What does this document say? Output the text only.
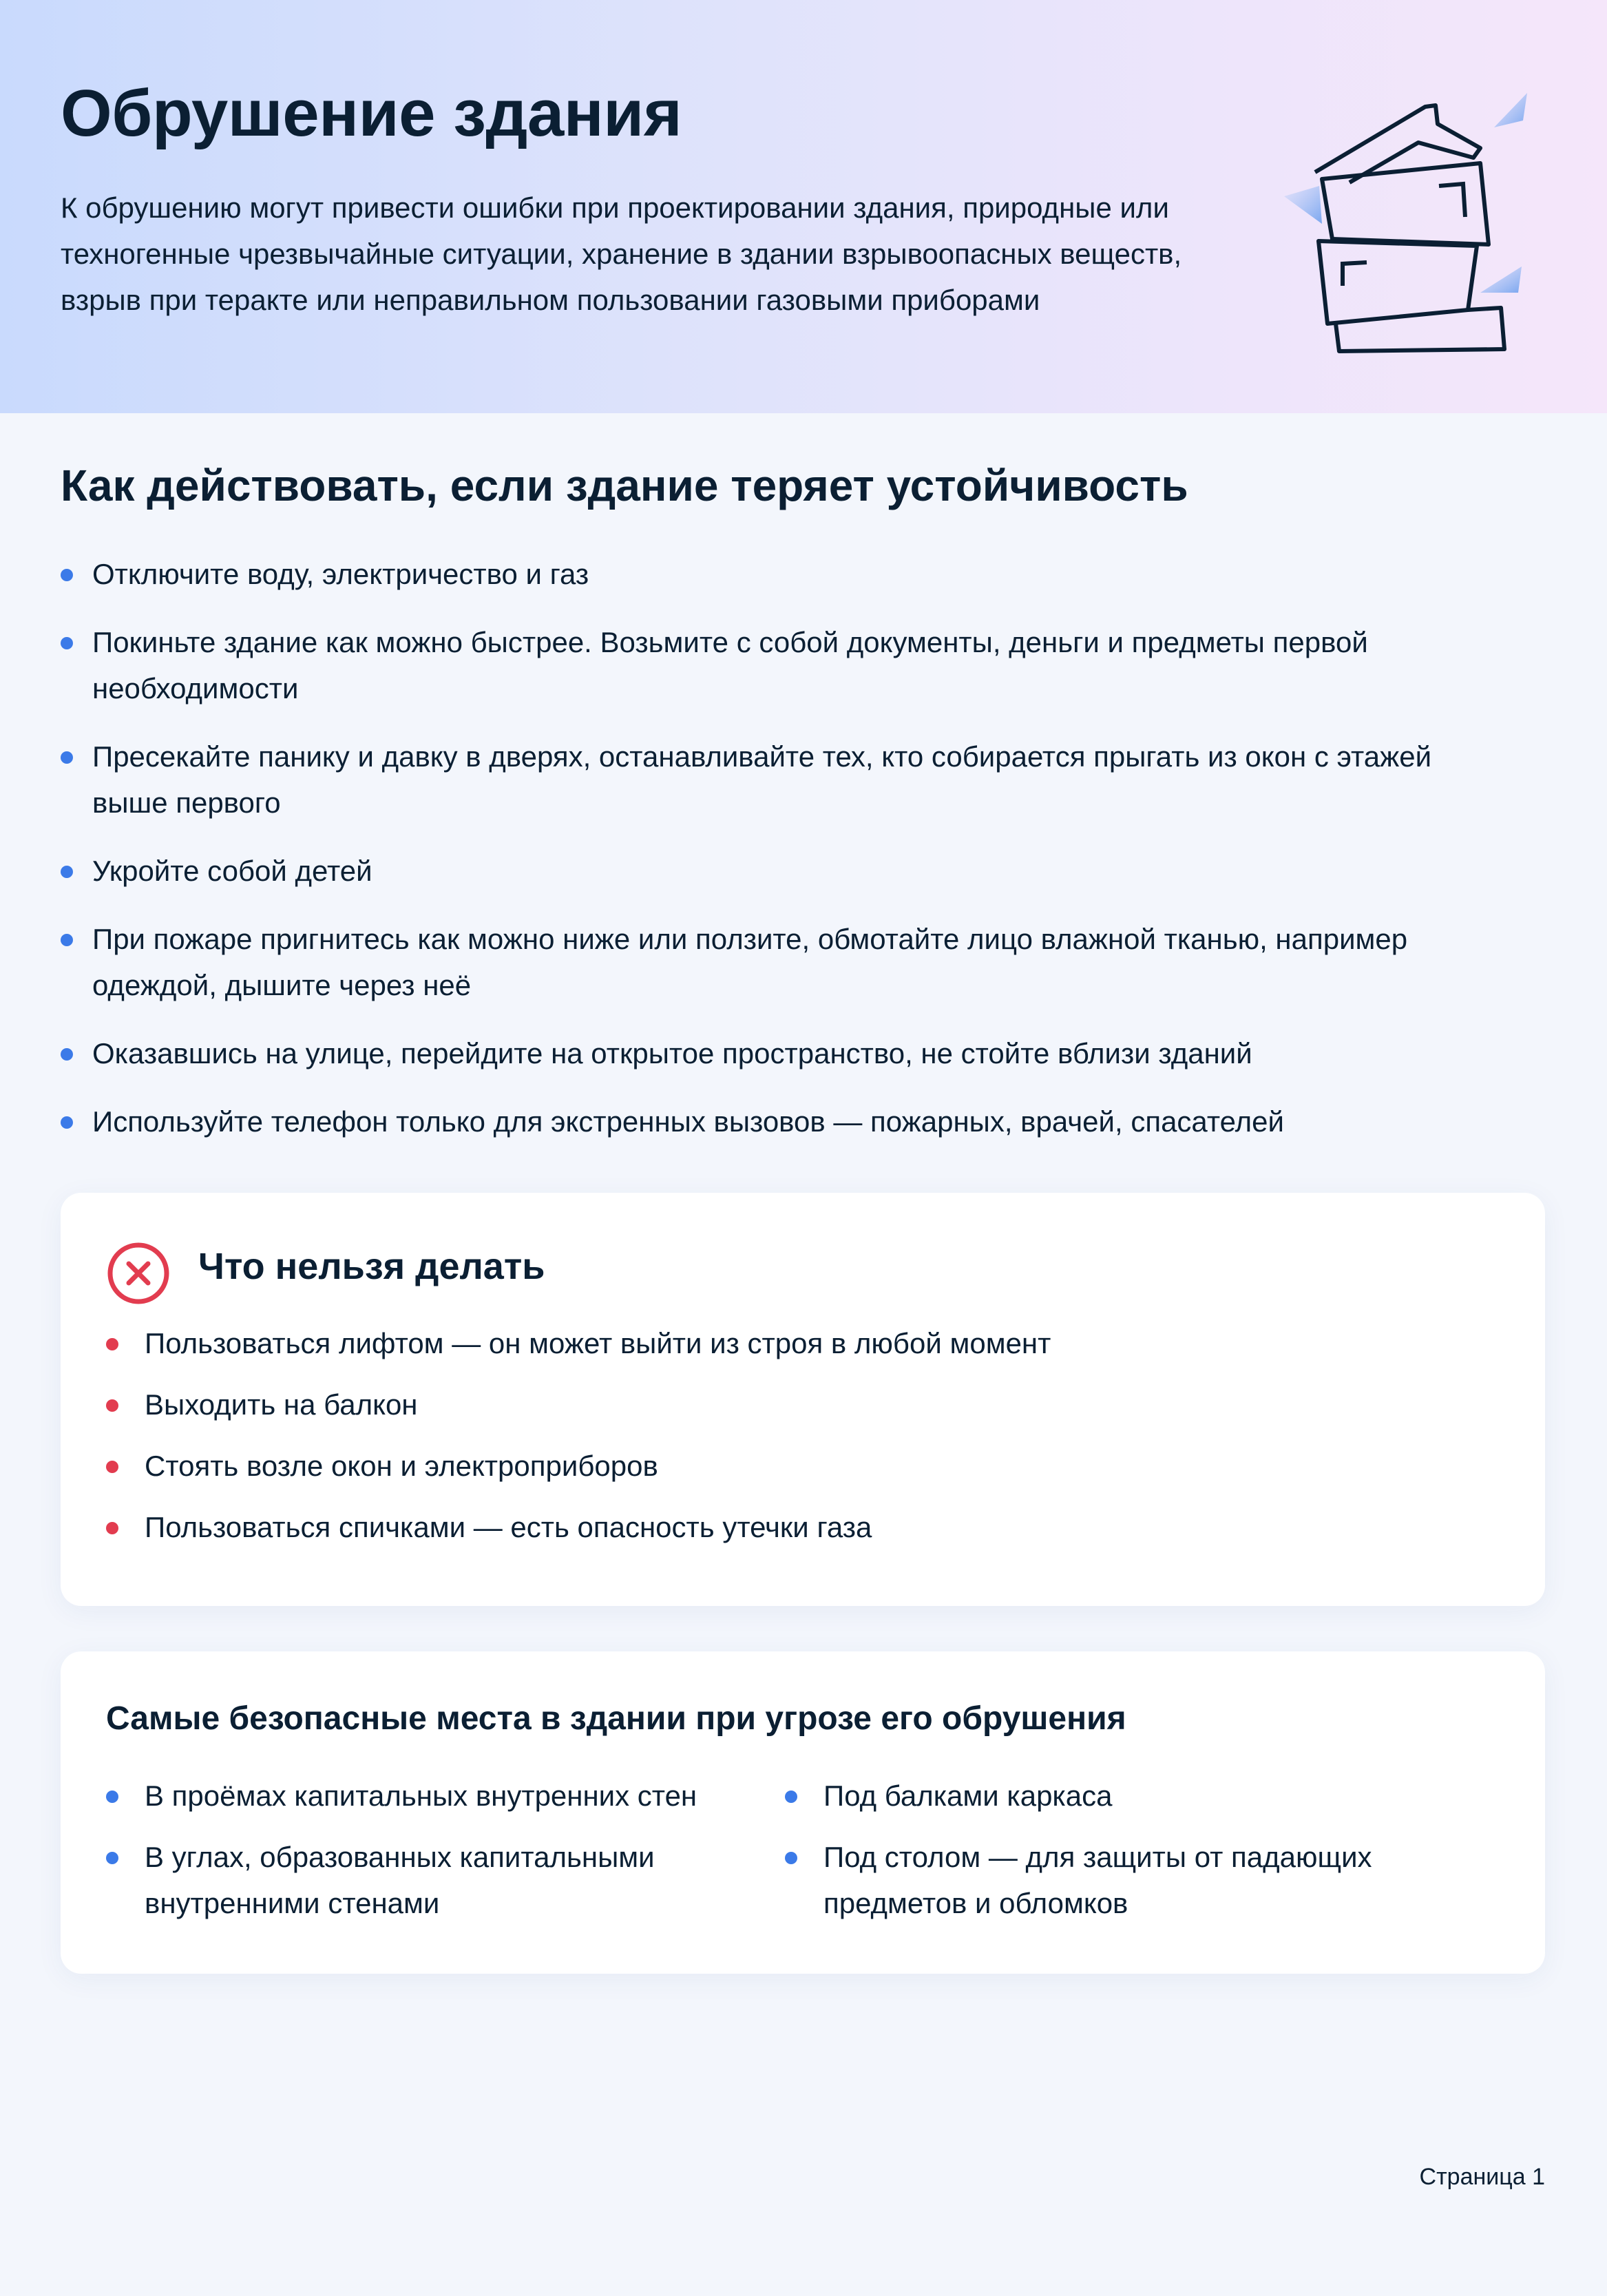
Обрушение здания

К обрушению могут привести ошибки при проектировании здания, природные или техногенные чрезвычайные ситуации, хранение в здании взрывоопасных веществ, взрыв при теракте или неправильном пользовании газовыми приборами

Как действовать, если здание теряет устойчивость
Отключите воду, электричество и газ
Покиньте здание как можно быстрее. Возьмите с собой документы, деньги и предметы первой необходимости
Пресекайте панику и давку в дверях, останавливайте тех, кто собирается прыгать из окон с этажей выше первого
Укройте собой детей
При пожаре пригнитесь как можно ниже или ползите, обмотайте лицо влажной тканью, например одеждой, дышите через неё
Оказавшись на улице, перейдите на открытое пространство, не стойте вблизи зданий
Используйте телефон только для экстренных вызовов — пожарных, врачей, спасателей
Что нельзя делать
Пользоваться лифтом — он может выйти из строя в любой момент
Выходить на балкон
Стоять возле окон и электроприборов
Пользоваться спичками — есть опасность утечки газа
Самые безопасные места в здании при угрозе его обрушения
В проёмах капитальных внутренних стен
В углах, образованных капитальными внутренними стенами
Под балками каркаса
Под столом — для защиты от падающих предметов и обломков
Страница 1
